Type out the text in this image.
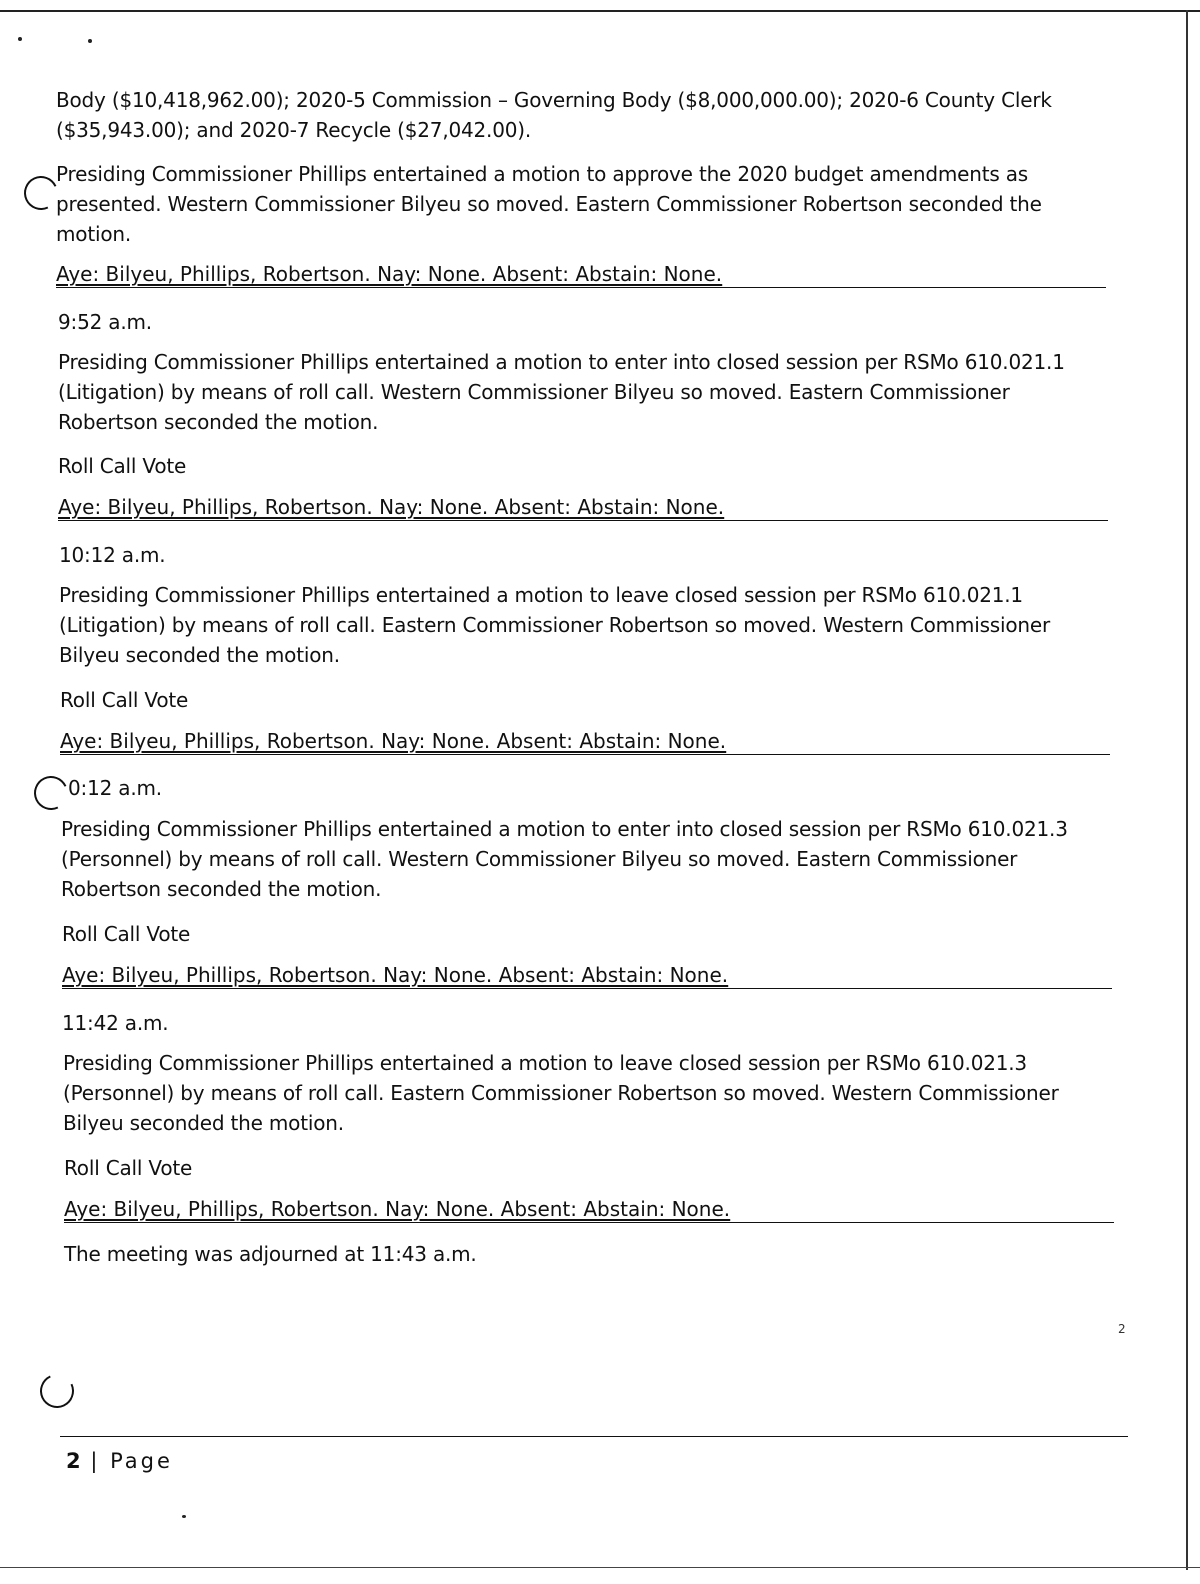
Body ($10,418,962.00); 2020-5 Commission – Governing Body ($8,000,000.00); 2020-6 County Clerk
($35,943.00); and 2020-7 Recycle ($27,042.00).
Presiding Commissioner Phillips entertained a motion to approve the 2020 budget amendments as
presented. Western Commissioner Bilyeu so moved. Eastern Commissioner Robertson seconded the
motion.
Aye: Bilyeu, Phillips, Robertson. Nay: None. Absent: Abstain: None.
9:52 a.m.
Presiding Commissioner Phillips entertained a motion to enter into closed session per RSMo 610.021.1
(Litigation) by means of roll call. Western Commissioner Bilyeu so moved. Eastern Commissioner
Robertson seconded the motion.
Roll Call Vote
Aye: Bilyeu, Phillips, Robertson. Nay: None. Absent: Abstain: None.
10:12 a.m.
Presiding Commissioner Phillips entertained a motion to leave closed session per RSMo 610.021.1
(Litigation) by means of roll call. Eastern Commissioner Robertson so moved. Western Commissioner
Bilyeu seconded the motion.
Roll Call Vote
Aye: Bilyeu, Phillips, Robertson. Nay: None. Absent: Abstain: None.
0:12 a.m.
Presiding Commissioner Phillips entertained a motion to enter into closed session per RSMo 610.021.3
(Personnel) by means of roll call. Western Commissioner Bilyeu so moved. Eastern Commissioner
Robertson seconded the motion.
Roll Call Vote
Aye: Bilyeu, Phillips, Robertson. Nay: None. Absent: Abstain: None.
11:42 a.m.
Presiding Commissioner Phillips entertained a motion to leave closed session per RSMo 610.021.3
(Personnel) by means of roll call. Eastern Commissioner Robertson so moved. Western Commissioner
Bilyeu seconded the motion.
Roll Call Vote
Aye: Bilyeu, Phillips, Robertson. Nay: None. Absent: Abstain: None.
The meeting was adjourned at 11:43 a.m.
2
2 | Page
